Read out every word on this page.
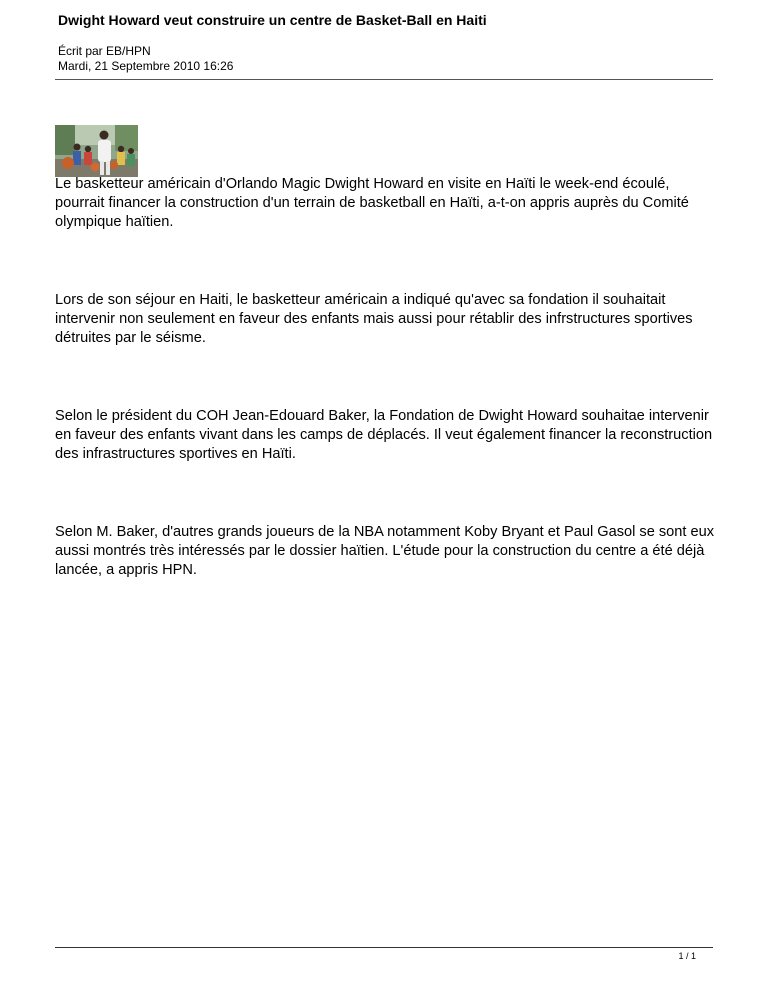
Dwight Howard veut construire un centre de Basket-Ball en Haiti
Écrit par EB/HPN
Mardi, 21 Septembre 2010 16:26

Le basketteur américain d'Orlando Magic Dwight Howard en visite en Haïti le week-end écoulé, pourrait financer la construction d'un terrain de basketball en Haïti, a-t-on appris auprès du Comité olympique haïtien.

Lors de son séjour en Haiti, le basketteur américain a indiqué qu'avec sa fondation il souhaitait intervenir non seulement en faveur des enfants mais aussi pour rétablir des infrstructures sportives détruites par le séisme.

Selon le président du COH Jean-Edouard Baker, la Fondation de Dwight Howard souhaitae intervenir en faveur des enfants vivant dans les camps de déplacés. Il veut également financer la reconstruction des infrastructures sportives en Haïti.

Selon M. Baker, d'autres grands joueurs de la NBA notamment Koby Bryant et Paul Gasol se sont eux aussi montrés très intéressés par le dossier haïtien. L'étude pour la construction du centre a été déjà lancée, a appris HPN.

1 / 1
